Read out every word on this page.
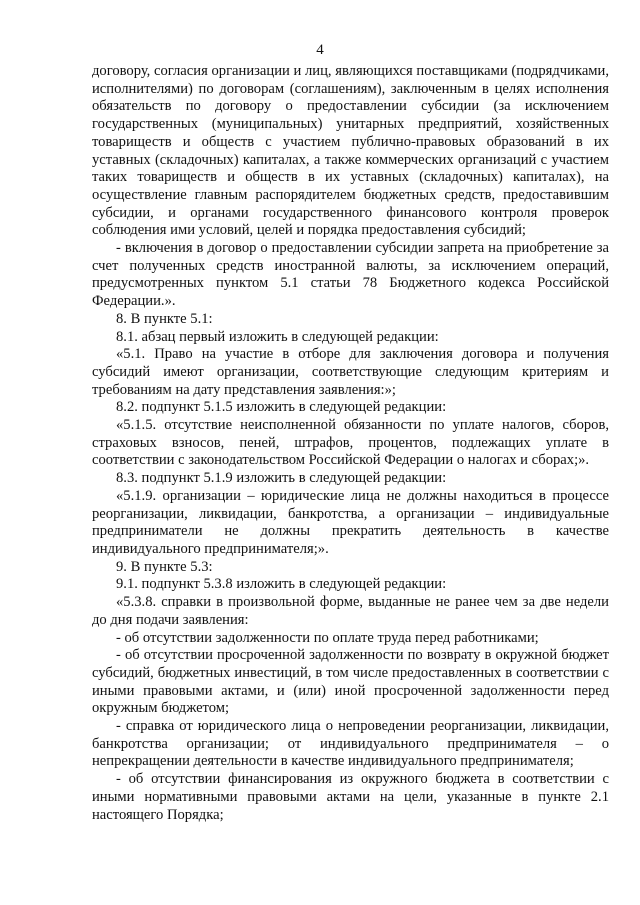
4

договору, согласия организации и лиц, являющихся поставщиками (подрядчиками, исполнителями) по договорам (соглашениям), заключенным в целях исполнения обязательств по договору о предоставлении субсидии (за исключением государственных (муниципальных) унитарных предприятий, хозяйственных товариществ и обществ с участием публично-правовых образований в их уставных (складочных) капиталах, а также коммерческих организаций с участием таких товариществ и обществ в их уставных (складочных) капиталах), на осуществление главным распорядителем бюджетных средств, предоставившим субсидии, и органами государственного финансового контроля проверок соблюдения ими условий, целей и порядка предоставления субсидий;

- включения в договор о предоставлении субсидии запрета на приобретение за счет полученных средств иностранной валюты, за исключением операций, предусмотренных пунктом 5.1 статьи 78 Бюджетного кодекса Российской Федерации.».

8. В пункте 5.1:

8.1. абзац первый изложить в следующей редакции:

«5.1. Право на участие в отборе для заключения договора и получения субсидий имеют организации, соответствующие следующим критериям и требованиям на дату представления заявления:»;

8.2. подпункт 5.1.5 изложить в следующей редакции:

«5.1.5. отсутствие неисполненной обязанности по уплате налогов, сборов, страховых взносов, пеней, штрафов, процентов, подлежащих уплате в соответствии с законодательством Российской Федерации о налогах и сборах;».

8.3. подпункт 5.1.9 изложить в следующей редакции:

«5.1.9. организации – юридические лица не должны находиться в процессе реорганизации, ликвидации, банкротства, а организации – индивидуальные предприниматели не должны прекратить деятельность в качестве индивидуального предпринимателя;».

9. В пункте 5.3:

9.1. подпункт 5.3.8 изложить в следующей редакции:

«5.3.8. справки в произвольной форме, выданные не ранее чем за две недели до дня подачи заявления:

- об отсутствии задолженности по оплате труда перед работниками;

- об отсутствии просроченной задолженности по возврату в окружной бюджет субсидий, бюджетных инвестиций, в том числе предоставленных в соответствии с иными правовыми актами, и (или) иной просроченной задолженности перед окружным бюджетом;

- справка от юридического лица о непроведении реорганизации, ликвидации, банкротства организации; от индивидуального предпринимателя – о непрекращении деятельности в качестве индивидуального предпринимателя;

- об отсутствии финансирования из окружного бюджета в соответствии с иными нормативными правовыми актами на цели, указанные в пункте 2.1 настоящего Порядка;
